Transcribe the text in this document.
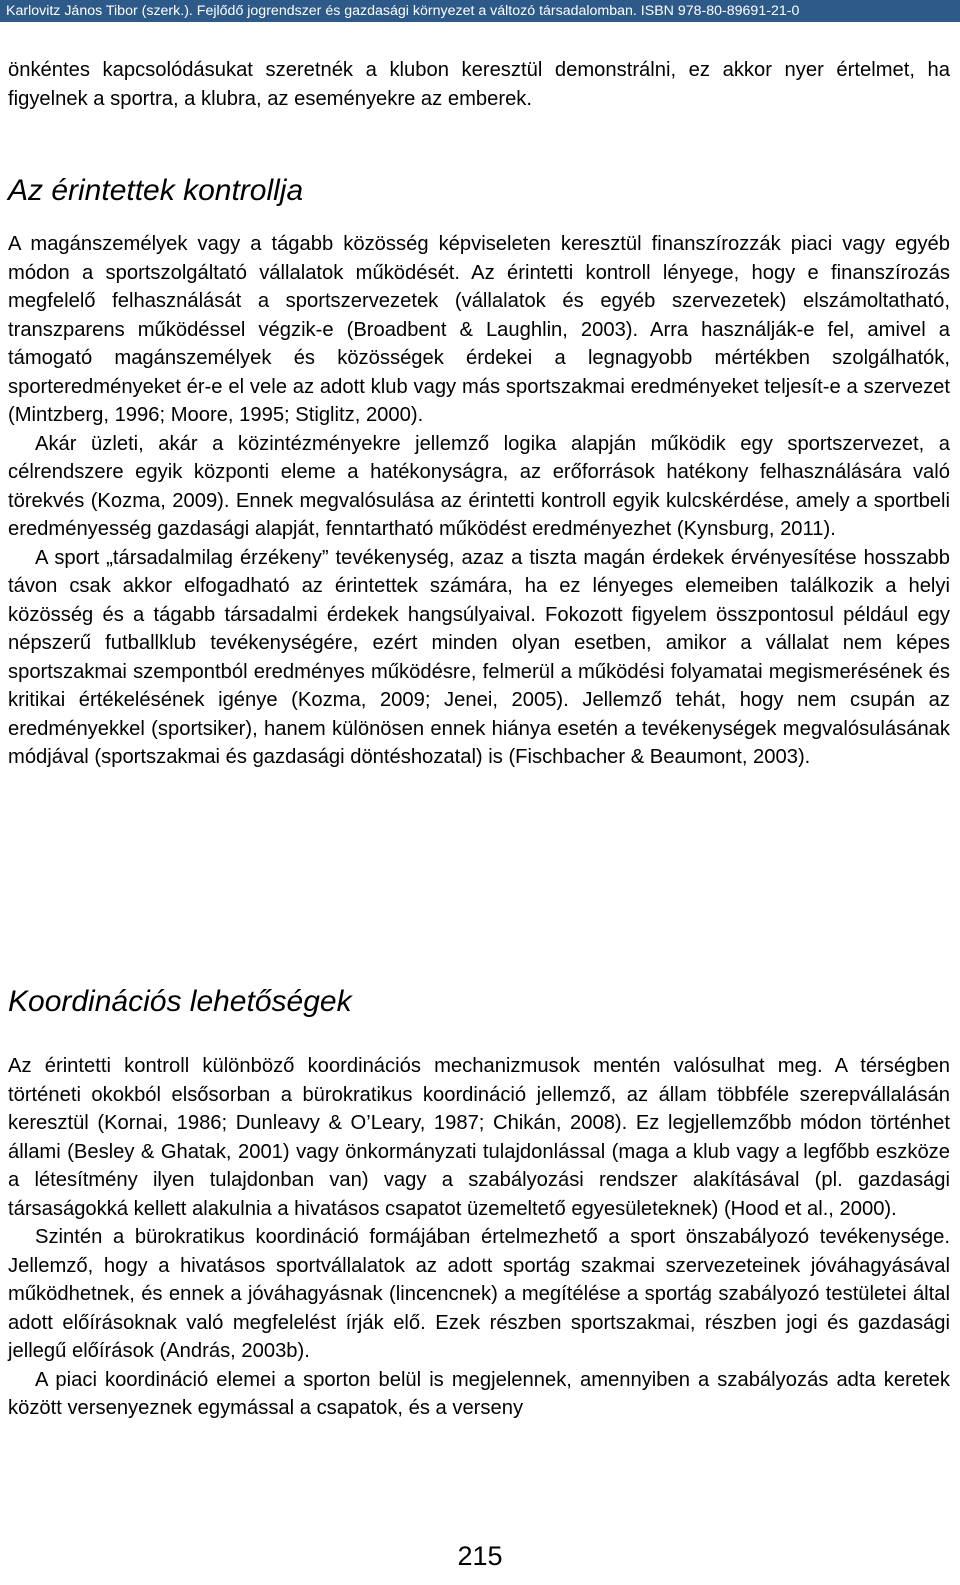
Karlovitz János Tibor (szerk.). Fejlődő jogrendszer és gazdasági környezet a változó társadalomban. ISBN 978-80-89691-21-0

önkéntes kapcsolódásukat szeretnék a klubon keresztül demonstrálni, ez akkor nyer értelmet, ha figyelnek a sportra, a klubra, az eseményekre az emberek.

Az érintettek kontrollja

A magánszemélyek vagy a tágabb közösség képviseleten keresztül finanszírozzák piaci vagy egyéb módon a sportszolgáltató vállalatok működését. Az érintetti kontroll lényege, hogy e finanszírozás megfelelő felhasználását a sportszervezetek (vállalatok és egyéb szervezetek) elszámoltatható, transzparens működéssel végzik-e (Broadbent & Laughlin, 2003). Arra használják-e fel, amivel a támogató magánszemélyek és közösségek érdekei a legnagyobb mértékben szolgálhatók, sporteredményeket ér-e el vele az adott klub vagy más sportszakmai eredményeket teljesít-e a szervezet (Mintzberg, 1996; Moore, 1995; Stiglitz, 2000).

Akár üzleti, akár a közintézményekre jellemző logika alapján működik egy sportszervezet, a célrendszere egyik központi eleme a hatékonyságra, az erőforrások hatékony felhasználására való törekvés (Kozma, 2009). Ennek megvalósulása az érintetti kontroll egyik kulcskérdése, amely a sportbeli eredményesség gazdasági alapját, fenntartható működést eredményezhet (Kynsburg, 2011).

A sport „társadalmilag érzékeny” tevékenység, azaz a tiszta magán érdekek érvényesítése hosszabb távon csak akkor elfogadható az érintettek számára, ha ez lényeges elemeiben találkozik a helyi közösség és a tágabb társadalmi érdekek hangsúlyaival. Fokozott figyelem összpontosul például egy népszerű futballklub tevékenységére, ezért minden olyan esetben, amikor a vállalat nem képes sportszakmai szempontból eredményes működésre, felmerül a működési folyamatai megismerésének és kritikai értékelésének igénye (Kozma, 2009; Jenei, 2005). Jellemző tehát, hogy nem csupán az eredményekkel (sportsiker), hanem különösen ennek hiánya esetén a tevékenységek megvalósulásának módjával (sportszakmai és gazdasági döntéshozatal) is (Fischbacher & Beaumont, 2003).

Koordinációs lehetőségek

Az érintetti kontroll különböző koordinációs mechanizmusok mentén valósulhat meg. A térségben történeti okokból elsősorban a bürokratikus koordináció jellemző, az állam többféle szerepvállalásán keresztül (Kornai, 1986; Dunleavy & O’Leary, 1987; Chikán, 2008). Ez legjellemzőbb módon történhet állami (Besley & Ghatak, 2001) vagy önkormányzati tulajdonlással (maga a klub vagy a legfőbb eszköze a létesítmény ilyen tulajdonban van) vagy a szabályozási rendszer alakításával (pl. gazdasági társaságokká kellett alakulnia a hivatásos csapatot üzemeltető egyesületeknek) (Hood et al., 2000).

Szintén a bürokratikus koordináció formájában értelmezhető a sport önszabályozó tevékenysége. Jellemző, hogy a hivatásos sportvállalatok az adott sportág szakmai szervezeteinek jóváhagyásával működhetnek, és ennek a jóváhagyásnak (lincencnek) a megítélése a sportág szabályozó testületei által adott előírásoknak való megfelelést írják elő. Ezek részben sportszakmai, részben jogi és gazdasági jellegű előírások (András, 2003b).

A piaci koordináció elemei a sporton belül is megjelennek, amennyiben a szabályozás adta keretek között versenyeznek egymással a csapatok, és a verseny

215
